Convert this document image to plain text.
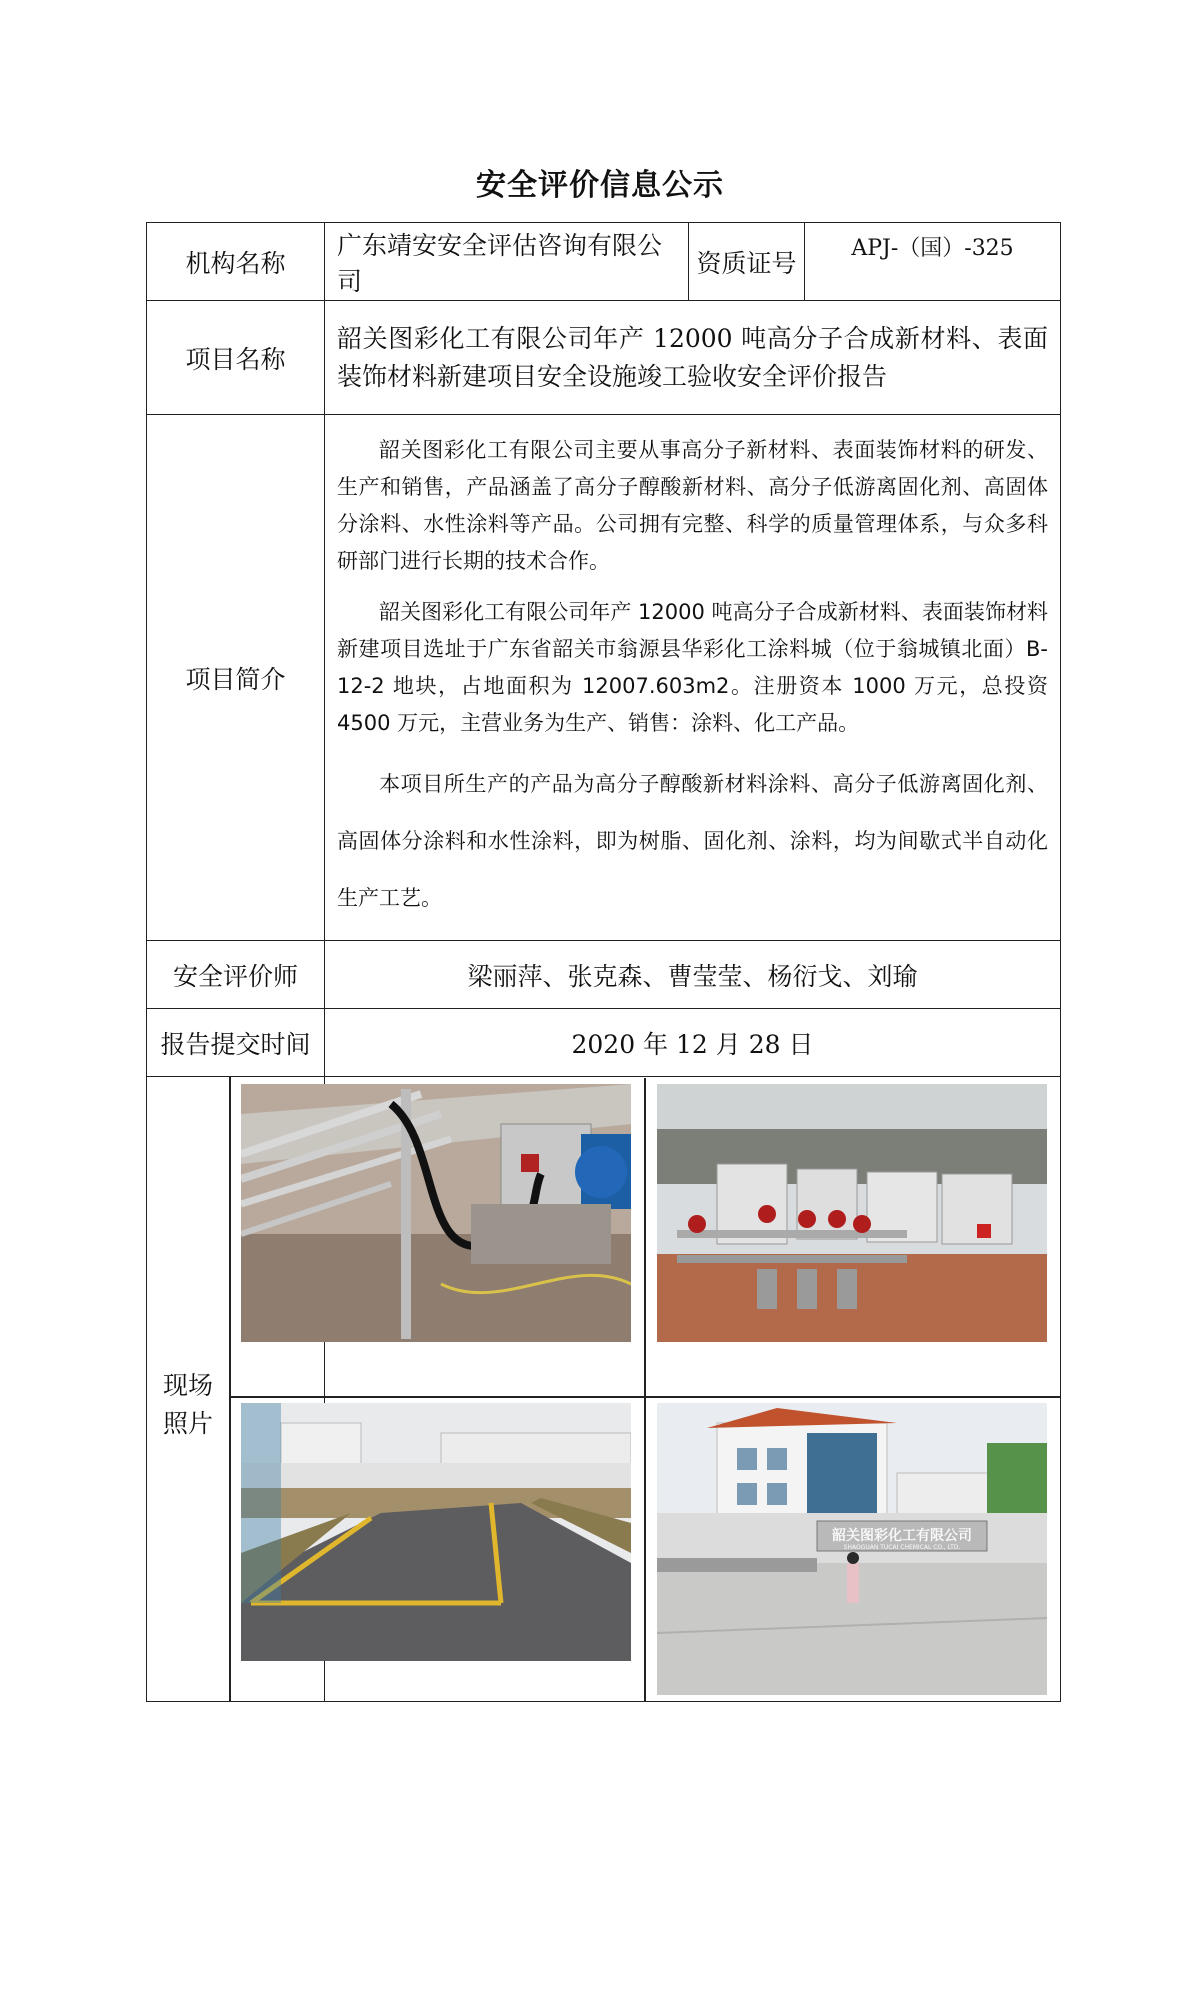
安全评价信息公示
机构名称	广东靖安安全评估咨询有限公司	资质证号	APJ-（国）-325
项目名称	韶关图彩化工有限公司年产 12000 吨高分子合成新材料、表面装饰材料新建项目安全设施竣工验收安全评价报告		
项目简介	韶关图彩化工有限公司主要从事高分子新材料、表面装饰材料的研发、生产和销售，产品涵盖了高分子醇酸新材料、高分子低游离固化剂、高固体分涂料、水性涂料等产品。公司拥有完整、科学的质量管理体系，与众多科研部门进行长期的技术合作。

韶关图彩化工有限公司年产 12000 吨高分子合成新材料、表面装饰材料新建项目选址于广东省韶关市翁源县华彩化工涂料城（位于翁城镇北面）B-12-2 地块，占地面积为 12007.603m2。注册资本 1000 万元，总投资 4500 万元，主营业务为生产、销售：涂料、化工产品。

本项目所生产的产品为高分子醇酸新材料涂料、高分子低游离固化剂、高固体分涂料和水性涂料，即为树脂、固化剂、涂料，均为间歇式半自动化生产工艺。		

安全评价师	梁丽萍、张克森、曹莹莹、杨衍戈、刘瑜		
报告提交时间	2020 年 12 月 28 日		

现场
照片			

韶关图彩化工有限公司
SHAOGUAN TUCAI CHEMICAL CO., LTD.
